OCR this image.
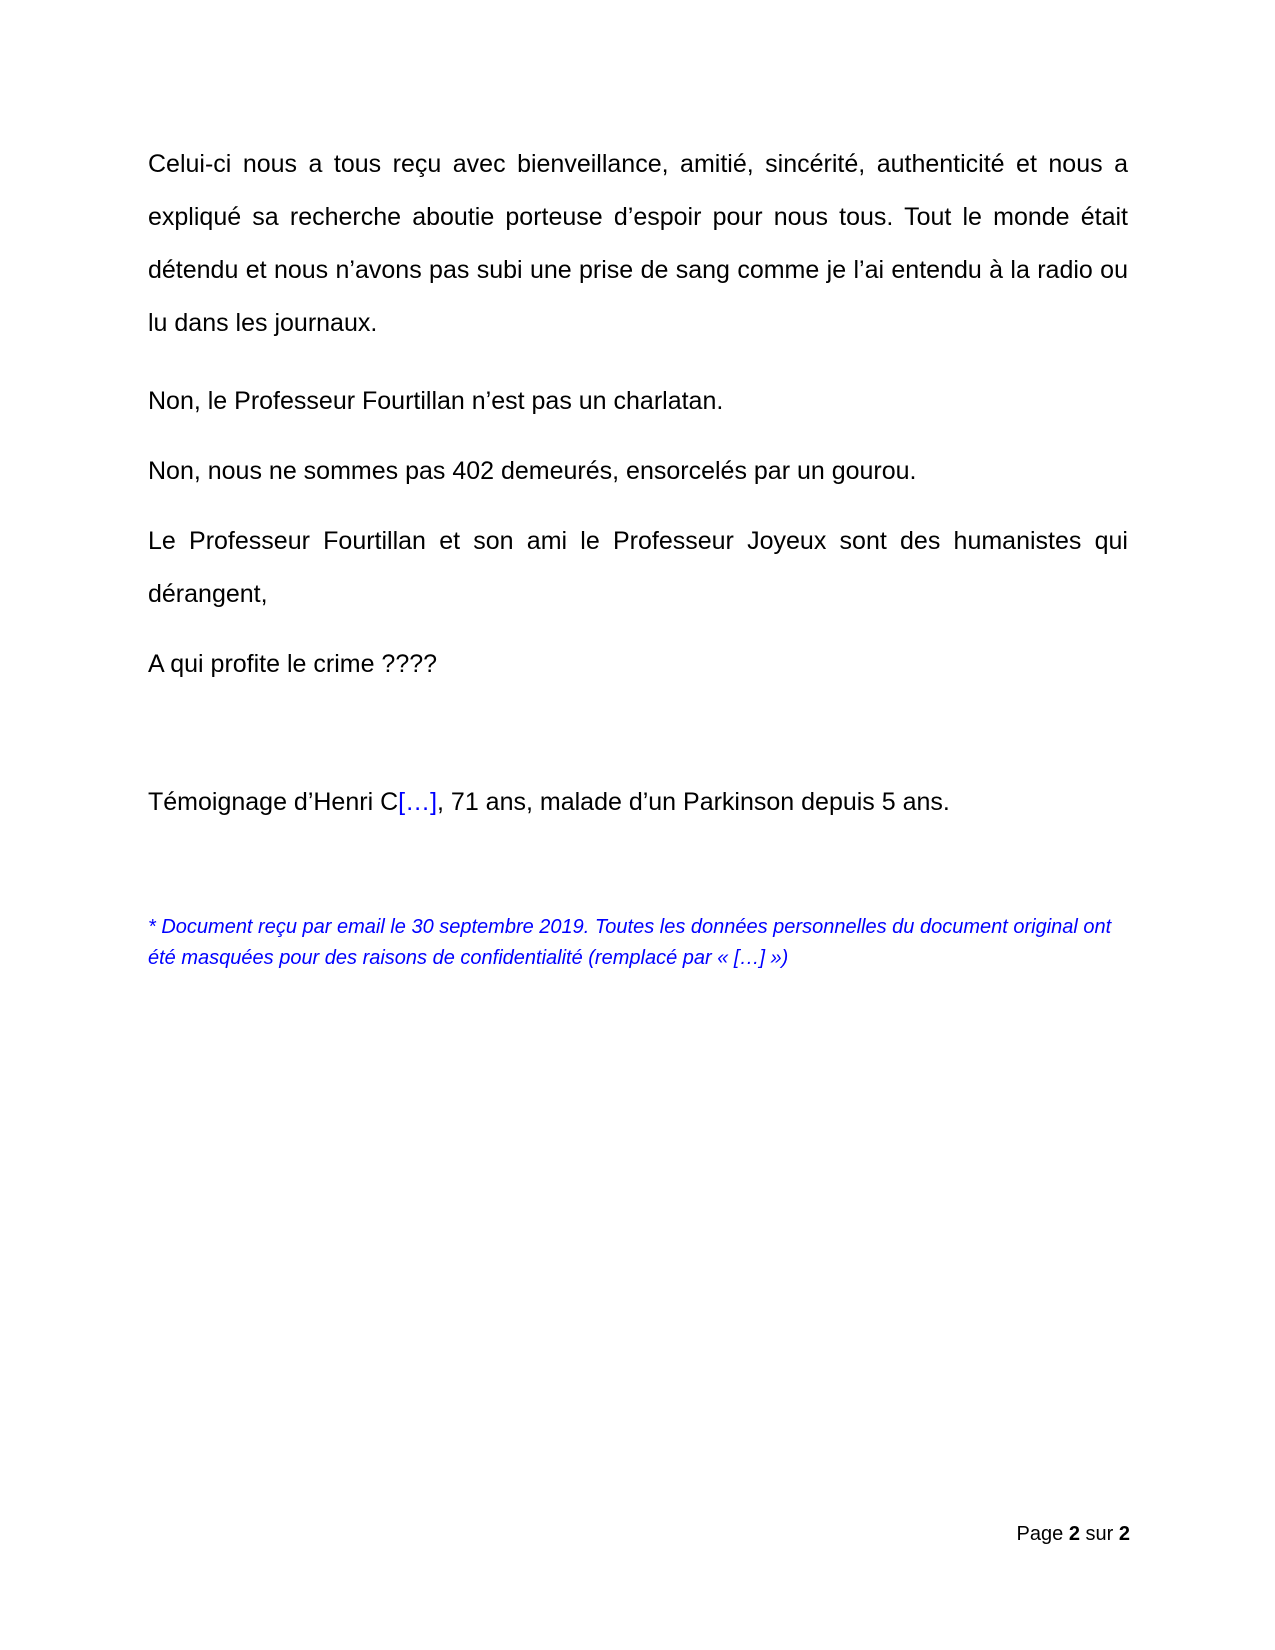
Celui-ci nous a tous reçu avec bienveillance, amitié, sincérité, authenticité et nous a expliqué sa recherche aboutie porteuse d’espoir pour nous tous. Tout le monde était détendu et nous n’avons pas subi une prise de sang comme je l’ai entendu à la radio ou lu dans les journaux.

Non, le Professeur Fourtillan n’est pas un charlatan.

Non, nous ne sommes pas 402 demeurés, ensorcelés par un gourou.

Le Professeur Fourtillan et son ami le Professeur Joyeux sont des humanistes qui dérangent,

A qui profite le crime ????

Témoignage d’Henri C[…], 71 ans, malade d’un Parkinson depuis 5 ans.

* Document reçu par email le 30 septembre 2019. Toutes les données personnelles du document original ont été masquées pour des raisons de confidentialité (remplacé par « […] »)

Page 2 sur 2
